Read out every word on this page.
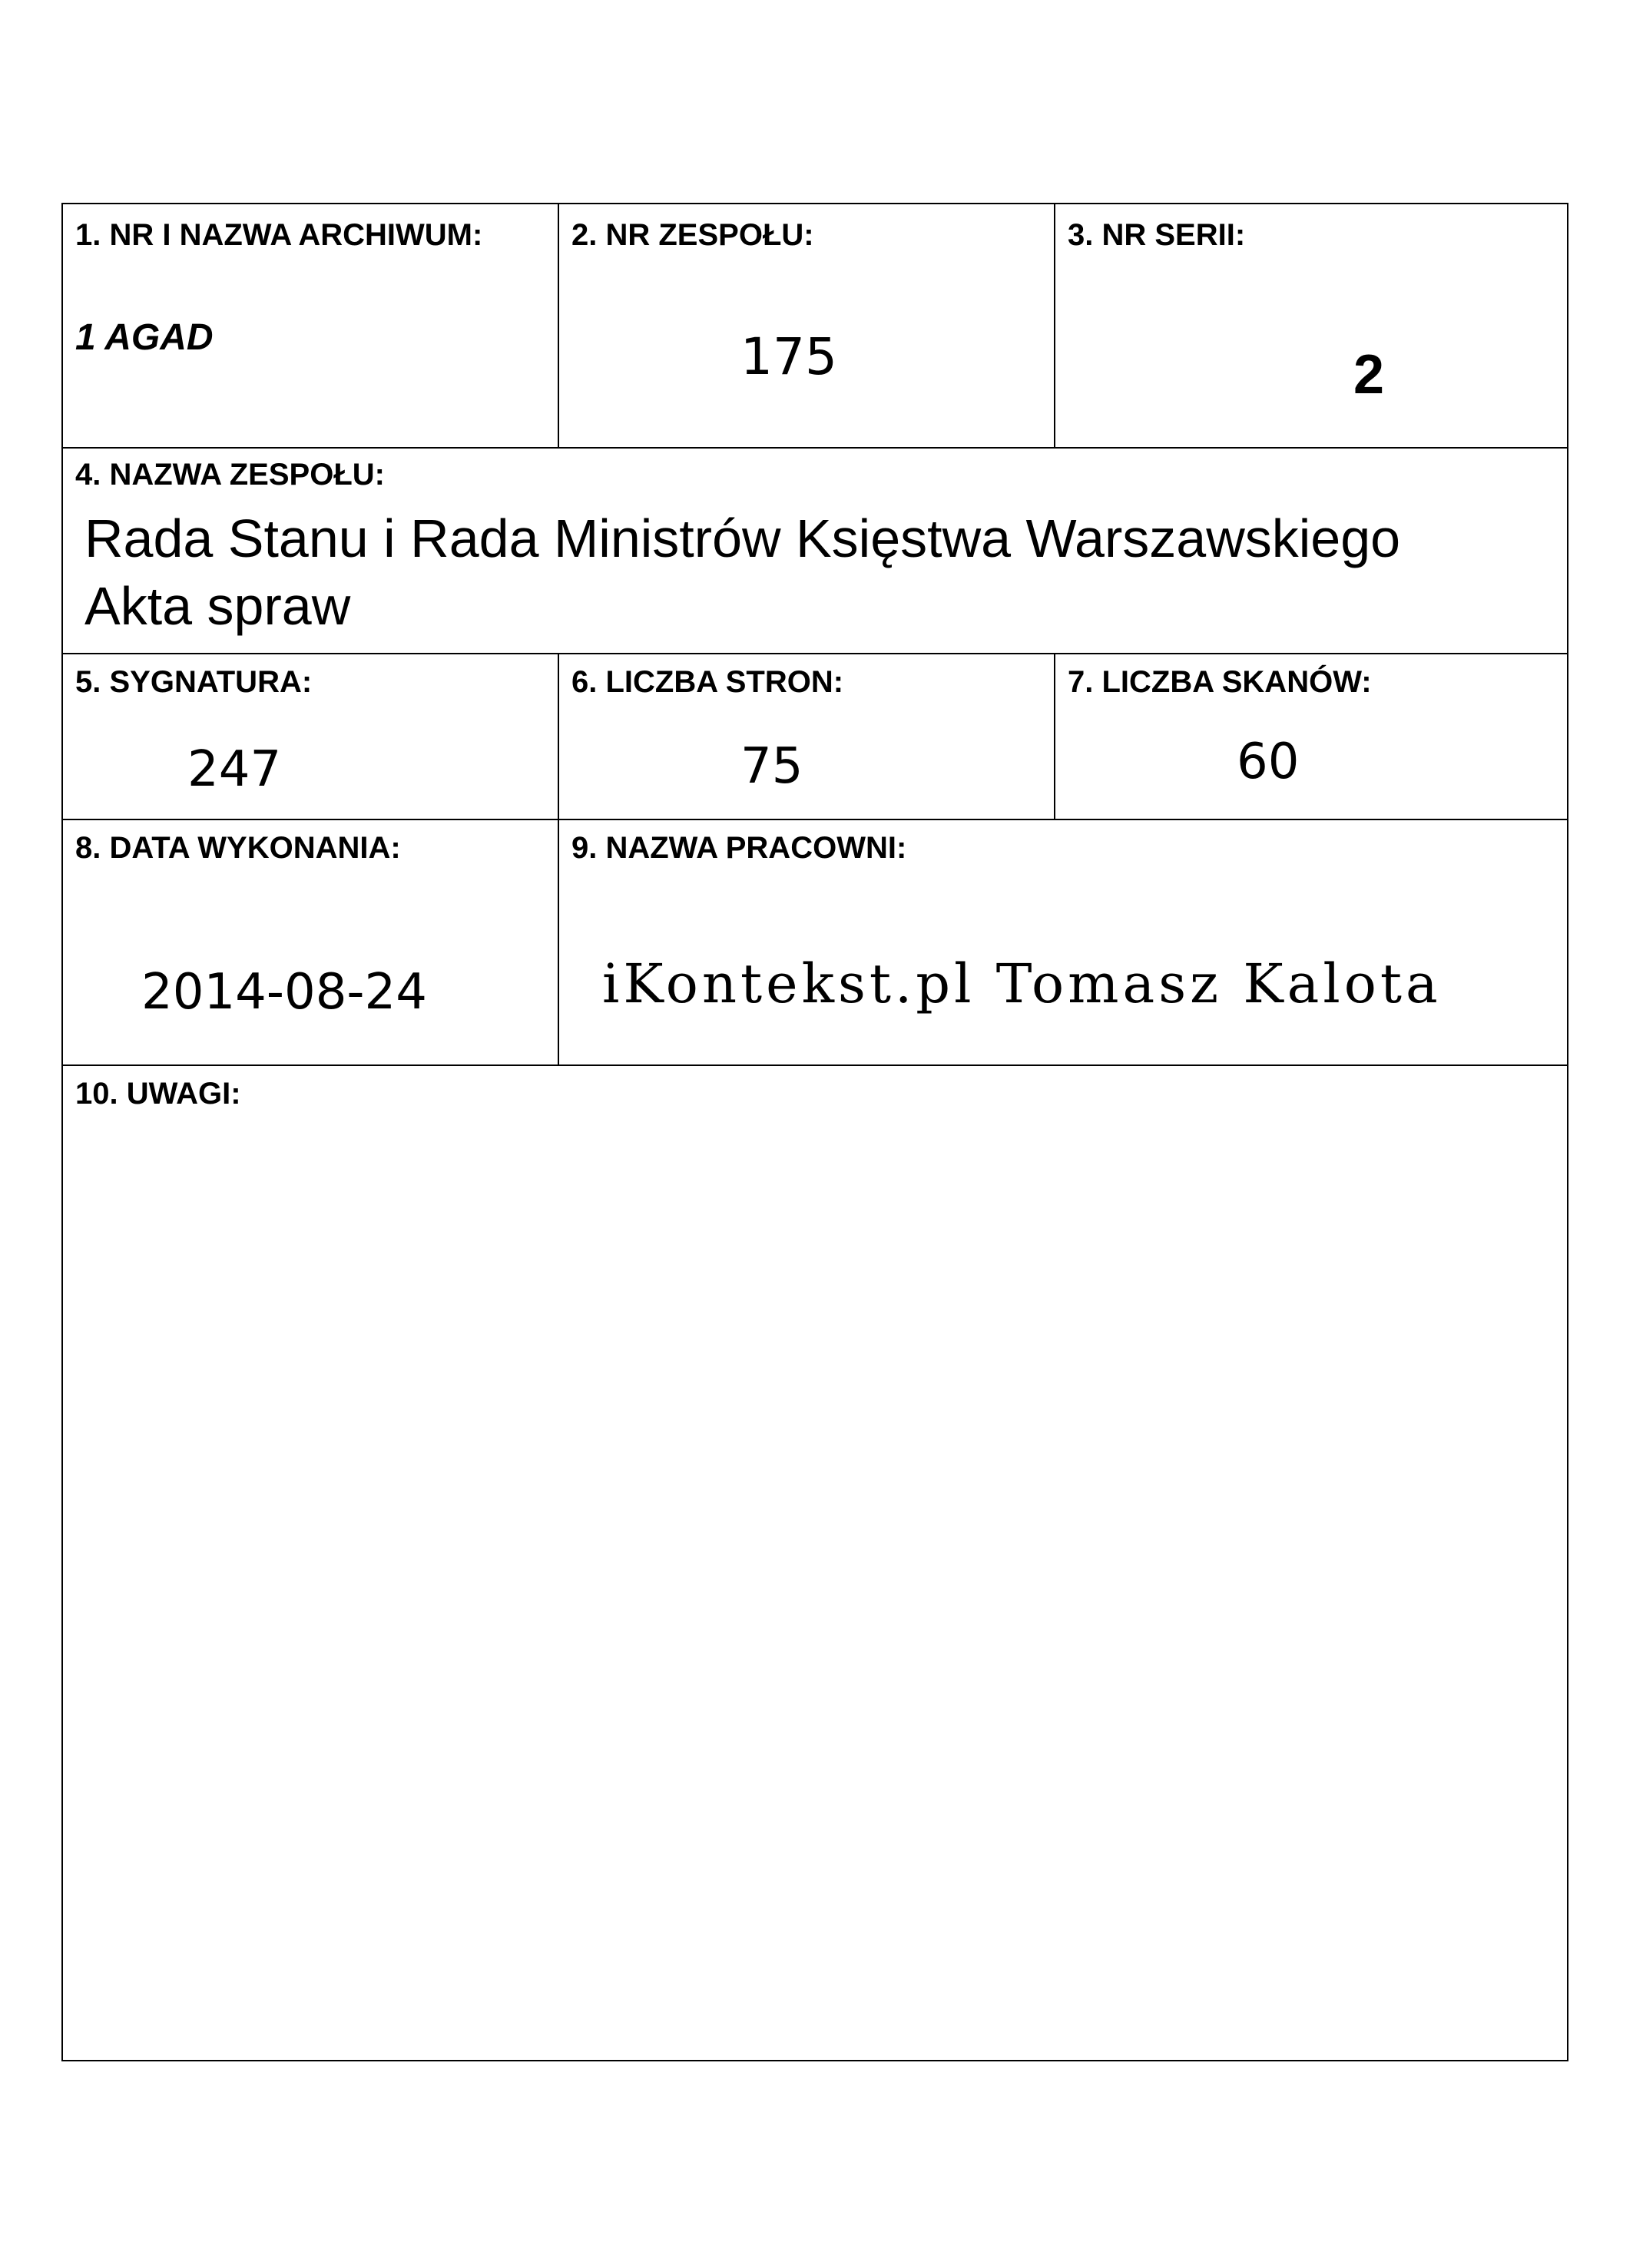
1. NR I NAZWA ARCHIWUM:
1 AGAD
2. NR ZESPOŁU:
175
3. NR SERII:
2
4. NAZWA ZESPOŁU:
Rada Stanu i Rada Ministrów Księstwa Warszawskiego
Akta spraw
5. SYGNATURA:
247
6. LICZBA STRON:
75
7. LICZBA SKANÓW:
60
8. DATA WYKONANIA:
2014-08-24
9. NAZWA PRACOWNI:
iKontekst.pl Tomasz Kalota
10. UWAGI:
